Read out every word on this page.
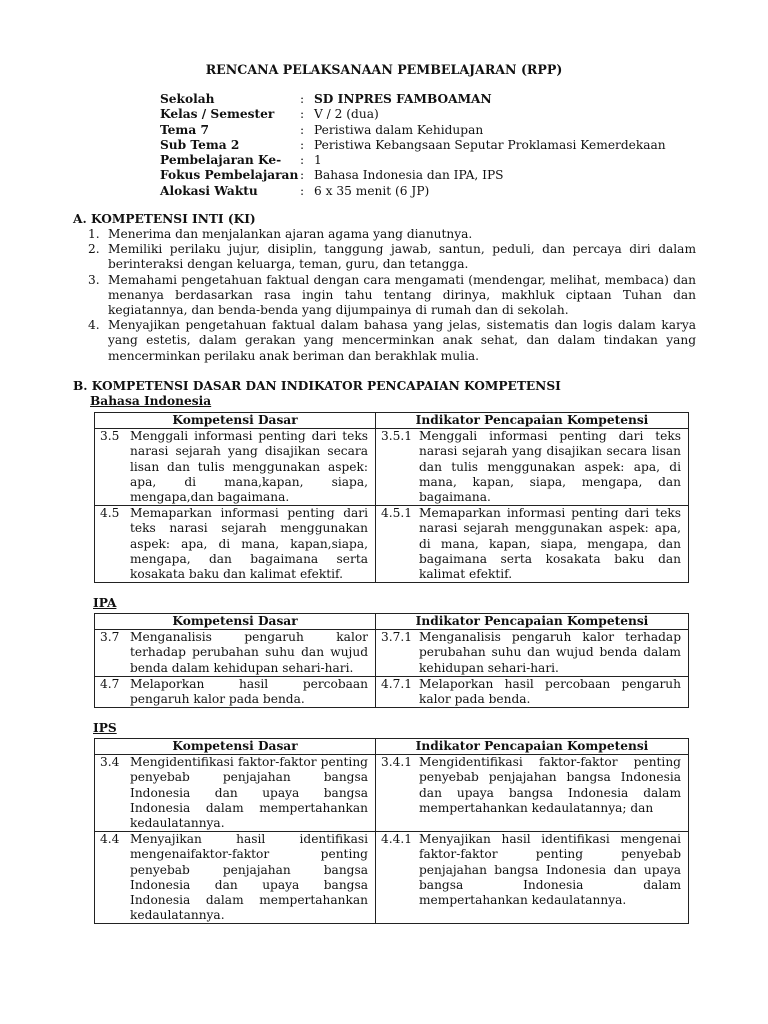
RENCANA PELAKSANAAN PEMBELAJARAN (RPP)
Sekolah	:	SD INPRES FAMBOAMAN
Kelas / Semester	:	V / 2 (dua)
Tema 7	:	Peristiwa dalam Kehidupan
Sub Tema 2	:	Peristiwa Kebangsaan Seputar Proklamasi Kemerdekaan
Pembelajaran Ke-	:	1
Fokus Pembelajaran	:	Bahasa Indonesia dan IPA, IPS
Alokasi Waktu	:	6 x 35 menit (6 JP)
A. KOMPETENSI INTI (KI)
1. Menerima dan menjalankan ajaran agama yang dianutnya.
2. Memiliki perilaku jujur, disiplin, tanggung jawab, santun, peduli, dan percaya diri dalam berinteraksi dengan keluarga, teman, guru, dan tetangga.
3. Memahami pengetahuan faktual dengan cara mengamati (mendengar, melihat, membaca) dan menanya berdasarkan rasa ingin tahu tentang dirinya, makhluk ciptaan Tuhan dan kegiatannya, dan benda-benda yang dijumpainya di rumah dan di sekolah.
4. Menyajikan pengetahuan faktual dalam bahasa yang jelas, sistematis dan logis dalam karya yang estetis, dalam gerakan yang mencerminkan anak sehat, dan dalam tindakan yang mencerminkan perilaku anak beriman dan berakhlak mulia.
B. KOMPETENSI DASAR DAN INDIKATOR PENCAPAIAN KOMPETENSI
Bahasa Indonesia
Kompetensi Dasar	Indikator Pencapaian Kompetensi

3.5 Menggali informasi penting dari teks narasi sejarah yang disajikan secara lisan dan tulis menggunakan aspek: apa, di mana,kapan, siapa, mengapa,dan bagaimana.	3.5.1 Menggali informasi penting dari teks narasi sejarah yang disajikan secara lisan dan tulis menggunakan aspek: apa, di mana, kapan, siapa, mengapa, dan bagaimana.

4.5 Memaparkan informasi penting dari teks narasi sejarah menggunakan aspek: apa, di mana, kapan,siapa, mengapa, dan bagaimana serta kosakata baku dan kalimat efektif.	4.5.1 Memaparkan informasi penting dari teks narasi sejarah menggunakan aspek: apa, di mana, kapan, siapa, mengapa, dan bagaimana serta kosakata baku dan kalimat efektif.
IPA
Kompetensi Dasar	Indikator Pencapaian Kompetensi

3.7 Menganalisis pengaruh kalor terhadap perubahan suhu dan wujud benda dalam kehidupan sehari-hari.	3.7.1 Menganalisis pengaruh kalor terhadap perubahan suhu dan wujud benda dalam kehidupan sehari-hari.

4.7 Melaporkan hasil percobaan pengaruh kalor pada benda.	4.7.1 Melaporkan hasil percobaan pengaruh kalor pada benda.
IPS
Kompetensi Dasar	Indikator Pencapaian Kompetensi

3.4 Mengidentifikasi faktor-faktor penting penyebab penjajahan bangsa Indonesia dan upaya bangsa Indonesia dalam mempertahankan kedaulatannya.	3.4.1 Mengidentifikasi faktor-faktor penting penyebab penjajahan bangsa Indonesia dan upaya bangsa Indonesia dalam mempertahankan kedaulatannya; dan

4.4 Menyajikan hasil identifikasi mengenaifaktor-faktor penting penyebab penjajahan bangsa Indonesia dan upaya bangsa Indonesia dalam mempertahankan kedaulatannya.	4.4.1 Menyajikan hasil identifikasi mengenai faktor-faktor penting penyebab penjajahan bangsa Indonesia dan upaya bangsa Indonesia dalam mempertahankan kedaulatannya.
